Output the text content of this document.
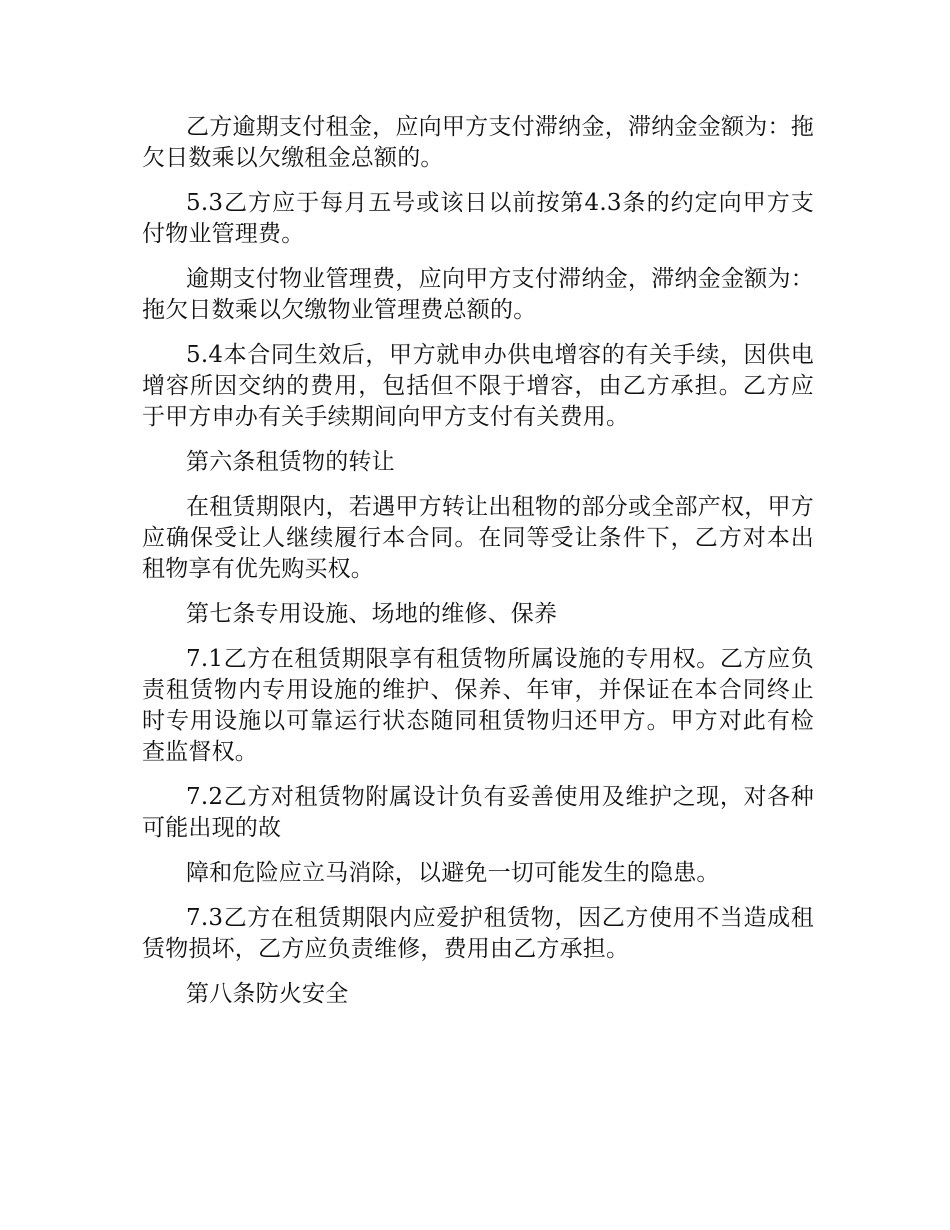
乙方逾期支付租金，应向甲方支付滞纳金，滞纳金金额为：拖欠日数乘以欠缴租金总额的。

5.3乙方应于每月五号或该日以前按第4.3条的约定向甲方支付物业管理费。

逾期支付物业管理费，应向甲方支付滞纳金，滞纳金金额为：拖欠日数乘以欠缴物业管理费总额的。

5.4本合同生效后，甲方就申办供电增容的有关手续，因供电增容所因交纳的费用，包括但不限于增容，由乙方承担。乙方应于甲方申办有关手续期间向甲方支付有关费用。

第六条租赁物的转让

在租赁期限内，若遇甲方转让出租物的部分或全部产权，甲方应确保受让人继续履行本合同。在同等受让条件下，乙方对本出租物享有优先购买权。

第七条专用设施、场地的维修、保养

7.1乙方在租赁期限享有租赁物所属设施的专用权。乙方应负责租赁物内专用设施的维护、保养、年审，并保证在本合同终止时专用设施以可靠运行状态随同租赁物归还甲方。甲方对此有检查监督权。

7.2乙方对租赁物附属设计负有妥善使用及维护之现，对各种可能出现的故

障和危险应立马消除，以避免一切可能发生的隐患。

7.3乙方在租赁期限内应爱护租赁物，因乙方使用不当造成租赁物损坏，乙方应负责维修，费用由乙方承担。

第八条防火安全
